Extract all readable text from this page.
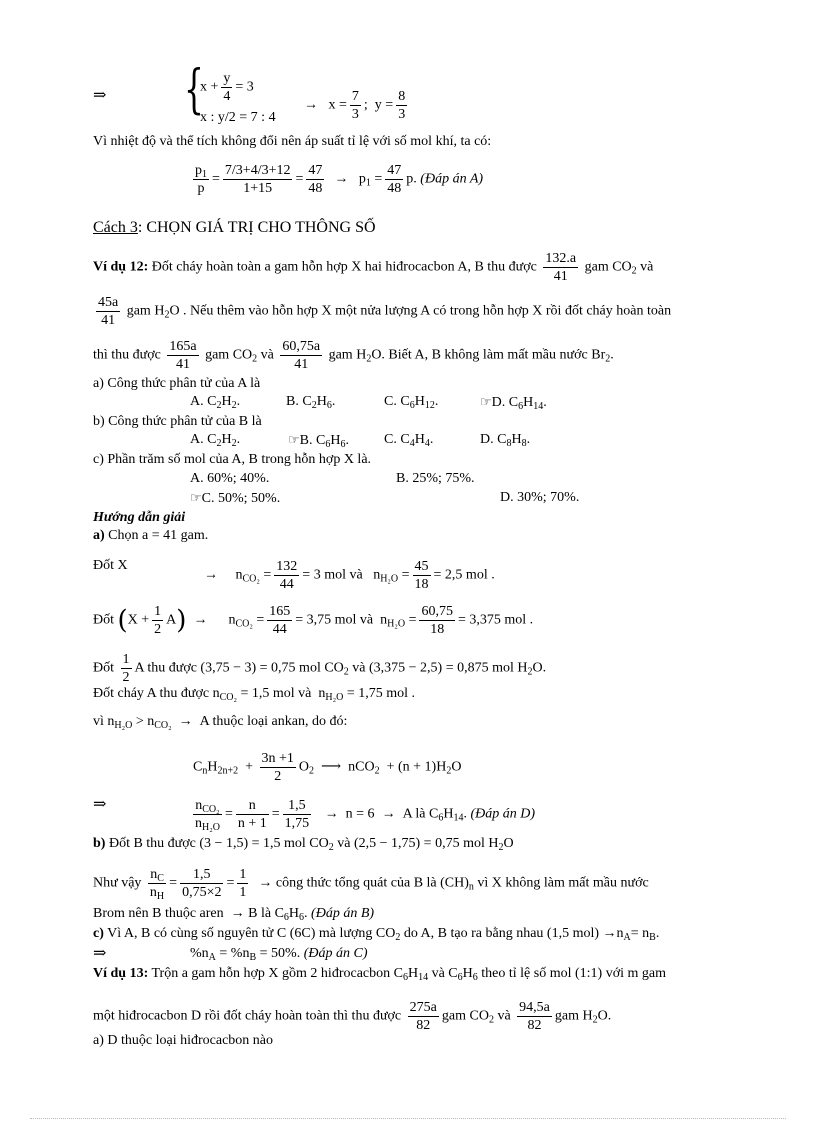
⇒ {
$x + \frac{y}{4} = 3$
x : y/2 = 7 : 4
→ $x = \frac{7}{3}$ ; $y = \frac{8}{3}$
Vì nhiệt độ và thể tích không đổi nên áp suất tỉ lệ với số mol khí, ta có:
$\frac{p_1}{p} = \frac{7/3+4/3+12}{1+15} = \frac{47}{48} \to p_1 = \frac{47}{48} p$. (Đáp án A)
Cách 3: CHỌN GIÁ TRỊ CHO THÔNG SỐ
Ví dụ 12: Đốt cháy hoàn toàn a gam hỗn hợp X hai hiđrocacbon A, B thu được $\frac{132.a}{41}$ gam $CO_2$ và
$\frac{45a}{41}$ gam $H_2O$ . Nếu thêm vào hỗn hợp X một nửa lượng A có trong hỗn hợp X rồi đốt cháy hoàn toàn
thì thu được $\frac{165a}{41}$ gam $CO_2$ và $\frac{60,75a}{41}$ gam $H_2O$. Biết A, B không làm mất mầu nước $Br_2$.
a) Công thức phân tử của A là
A. $C_2H_2$.	B. $C_2H_6$.	C. $C_6H_{12}$.	☞D. $C_6H_{14}$.
b) Công thức phân tử của B là
A. $C_2H_2$.	☞B. $C_6H_6$.	C. $C_4H_4$.	D. $C_8H_8$.
c) Phần trăm số mol của A, B trong hỗn hợp X là.
A. 60%; 40%.	B. 25%; 75%.
☞C. 50%; 50%.	D. 30%; 70%.
Hướng dẫn giải
a) Chọn a = 41 gam.
Đốt X
→ $n_{CO_2} = \frac{132}{44} = 3$ mol và $n_{H_2O} = \frac{45}{18} = 2,5$ mol .
Đốt $(X + \frac{1}{2} A) \to n_{CO_2} = \frac{165}{44} = 3,75$ mol và $n_{H_2O} = \frac{60,75}{18} = 3,375$ mol .
Đốt $\frac{1}{2}$ A thu được (3,75 − 3) = 0,75 mol $CO_2$ và (3,375 − 2,5) = 0,875 mol $H_2O$.
Đốt cháy A thu được $n_{CO_2} = 1,5$ mol và $n_{H_2O} = 1,75$ mol .
vì $n_{H_2O} > n_{CO_2} \to A$ thuộc loại ankan, do đó:
$C_nH_{2n+2} + \frac{3n +1}{2} O_2$ ⟶ $nCO_2 + (n + 1)H_2O$
⇒	$\frac{n_{CO_2}}{n_{H_2O}} = \frac{n}{n + 1} = \frac{1,5}{1,75} \to n = 6 \to A$ là $C_6H_{14}$. (Đáp án D)
b) Đốt B thu được (3 − 1,5) = 1,5 mol $CO_2$ và (2,5 − 1,75) = 0,75 mol $H_2O$
Như vậy $\frac{n_C}{n_H} = \frac{1,5}{0,75\times 2} = \frac{1}{1}$ → công thức tổng quát của B là $(CH)_n$ vì X không làm mất mầu nước
Brom nên B thuộc aren → B là $C_6H_6$. (Đáp án B)
c) Vì A, B có cùng số nguyên tử C (6C) mà lượng $CO_2$ do A, B tạo ra bằng nhau (1,5 $mol) \to n_A= n_B$.
⇒	$\%n_A = \%n_B = 50\%$. (Đáp án C)
Ví dụ 13: Trộn a gam hỗn hợp X gồm 2 hiđrocacbon $C_6H_{14}$ và $C_6H_6$ theo tỉ lệ số mol (1:1) với m gam
một hiđrocacbon D rồi đốt cháy hoàn toàn thì thu được $\frac{275a}{82}$ gam $CO_2$ và $\frac{94,5a}{82}$ gam $H_2O$.
a) D thuộc loại hiđrocacbon nào
